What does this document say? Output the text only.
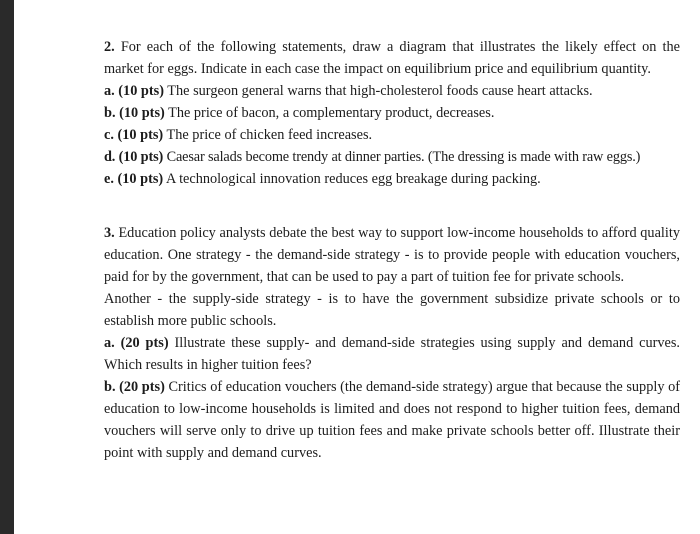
2. For each of the following statements, draw a diagram that illustrates the likely effect on the market for eggs. Indicate in each case the impact on equilibrium price and equilibrium quantity.

a. (10 pts) The surgeon general warns that high-cholesterol foods cause heart attacks.

b. (10 pts) The price of bacon, a complementary product, decreases.

c. (10 pts) The price of chicken feed increases.

d. (10 pts) Caesar salads become trendy at dinner parties. (The dressing is made with raw eggs.)

e. (10 pts) A technological innovation reduces egg breakage during packing.

3. Education policy analysts debate the best way to support low-income households to afford quality education. One strategy - the demand-side strategy - is to provide people with education vouchers, paid for by the government, that can be used to pay a part of tuition fee for private schools.

Another - the supply-side strategy - is to have the government subsidize private schools or to establish more public schools.

a. (20 pts) Illustrate these supply- and demand-side strategies using supply and demand curves. Which results in higher tuition fees?

b. (20 pts) Critics of education vouchers (the demand-side strategy) argue that because the supply of education to low-income households is limited and does not respond to higher tuition fees, demand vouchers will serve only to drive up tuition fees and make private schools better off. Illustrate their point with supply and demand curves.
